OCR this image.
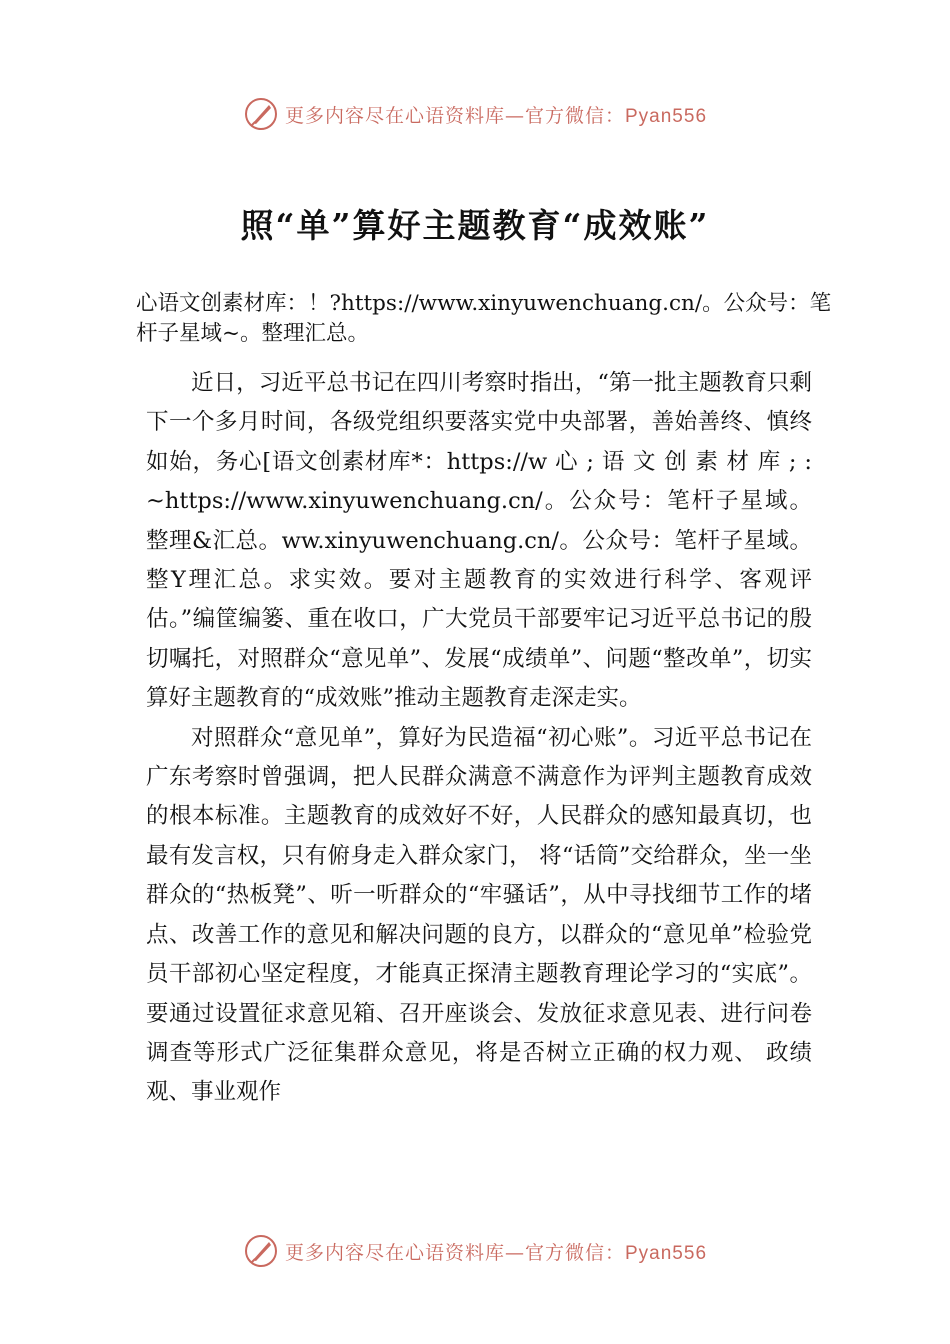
更多内容尽在心语资料库—官方微信：Pyan556
照“单”算好主题教育“成效账”

心语文创素材库：！?https://www.xinyuwenchuang.cn/。公众号：笔杆子星域~。整理汇总。

近日，习近平总书记在四川考察时指出，“第一批主题教育只剩下一个多月时间，各级党组织要落实党中央部署，善始善终、慎终如始，务心[语文创素材库*：https://w 心 ; 语 文 创 素 材 库 ; : ~https://www.xinyuwenchuang.cn/。公众号：笔杆子星域。整理&汇总。ww.xinyuwenchuang.cn/。公众号：笔杆子星域。整Y理汇总。求实效。要对主题教育的实效进行科学、客观评估。”编筐编篓、重在收口，广大党员干部要牢记习近平总书记的殷切嘱托，对照群众“意见单”、发展“成绩单”、问题“整改单”，切实算好主题教育的“成效账”推动主题教育走深走实。

对照群众“意见单”，算好为民造福“初心账”。习近平总书记在广东考察时曾强调，把人民群众满意不满意作为评判主题教育成效的根本标准。主题教育的成效好不好，人民群众的感知最真切，也最有发言权，只有俯身走入群众家门， 将“话筒”交给群众，坐一坐群众的“热板凳”、听一听群众的“牢骚话”，从中寻找细节工作的堵点、改善工作的意见和解决问题的良方，以群众的“意见单”检验党员干部初心坚定程度，才能真正探清主题教育理论学习的“实底”。要通过设置征求意见箱、召开座谈会、发放征求意见表、进行问卷调查等形式广泛征集群众意见，将是否树立正确的权力观、 政绩观、事业观作

更多内容尽在心语资料库—官方微信：Pyan556
